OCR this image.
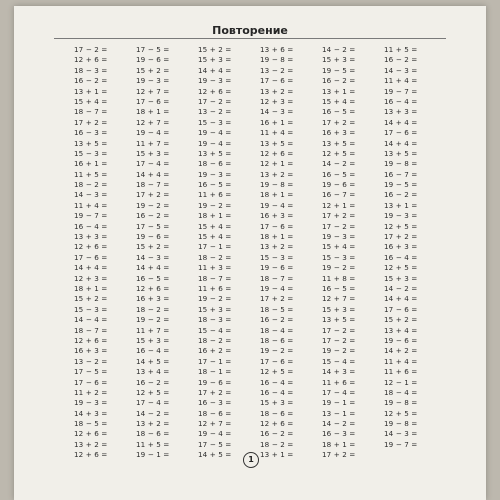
Повторение
17 − 2 =
12 + 6 =
18 − 3 =
16 − 2 =
13 + 1 =
15 + 4 =
18 − 7 =
17 + 2 =
16 − 3 =
13 + 5 =
15 − 3 =
16 + 1 =
11 + 5 =
18 − 2 =
14 − 3 =
11 + 4 =
19 − 7 =
16 − 4 =
13 + 3 =
12 + 6 =
17 − 6 =
14 + 4 =
12 + 3 =
18 + 1 =
15 + 2 =
15 − 3 =
14 − 4 =
18 − 7 =
12 + 6 =
16 + 3 =
13 − 2 =
17 − 5 =
17 − 6 =
11 + 2 =
19 − 3 =
14 + 3 =
18 − 5 =
12 + 6 =
13 + 2 =
12 + 6 =
17 − 5 =
19 − 6 =
15 + 2 =
19 − 3 =
12 + 7 =
17 − 6 =
18 + 1 =
12 + 7 =
19 − 4 =
11 + 7 =
15 + 3 =
17 − 4 =
14 + 4 =
18 − 7 =
17 + 2 =
19 − 2 =
16 − 2 =
17 − 5 =
19 − 6 =
15 + 2 =
14 − 3 =
14 + 4 =
16 − 5 =
12 + 6 =
16 + 3 =
18 − 2 =
19 − 2 =
11 + 7 =
15 + 3 =
16 − 4 =
14 + 5 =
13 + 4 =
16 − 2 =
12 + 5 =
17 − 4 =
14 − 2 =
13 + 2 =
18 − 6 =
11 + 5 =
19 − 1 =
15 + 2 =
15 + 3 =
14 + 4 =
19 − 3 =
12 + 6 =
17 − 2 =
13 − 2 =
15 − 3 =
19 − 4 =
19 − 4 =
13 + 5 =
18 − 6 =
19 − 3 =
16 − 5 =
11 + 6 =
19 − 2 =
18 + 1 =
15 + 4 =
15 + 4 =
17 − 1 =
18 − 2 =
11 + 3 =
18 − 7 =
11 + 6 =
19 − 2 =
15 + 3 =
18 − 3 =
15 − 4 =
18 − 2 =
16 + 2 =
17 − 1 =
18 − 1 =
19 − 6 =
17 + 2 =
16 − 3 =
18 − 6 =
12 + 7 =
19 − 4 =
17 − 5 =
14 + 5 =
13 + 6 =
19 − 8 =
13 − 2 =
17 − 6 =
13 + 2 =
12 + 3 =
14 − 3 =
16 + 1 =
11 + 4 =
13 + 5 =
12 + 6 =
12 + 1 =
13 + 2 =
19 − 8 =
18 + 1 =
19 − 4 =
16 + 3 =
17 − 6 =
18 + 1 =
13 + 2 =
15 − 3 =
19 − 6 =
18 − 7 =
19 − 4 =
17 + 2 =
18 − 5 =
16 − 2 =
18 − 4 =
18 − 6 =
19 − 2 =
17 − 6 =
12 + 5 =
16 − 4 =
16 − 4 =
15 + 3 =
18 − 6 =
12 + 6 =
16 − 2 =
18 − 2 =
13 + 1 =
14 − 2 =
15 + 3 =
19 − 5 =
16 − 2 =
13 + 1 =
15 + 4 =
16 − 5 =
17 + 2 =
16 + 3 =
13 + 5 =
12 + 5 =
14 − 2 =
16 − 5 =
19 − 6 =
16 − 7 =
12 + 1 =
17 + 2 =
17 − 2 =
19 − 3 =
15 + 4 =
15 − 3 =
19 − 2 =
11 + 8 =
16 − 5 =
12 + 7 =
15 + 3 =
13 + 5 =
17 − 2 =
17 − 2 =
19 − 2 =
15 − 4 =
14 + 3 =
11 + 6 =
17 − 4 =
19 − 1 =
13 − 1 =
14 − 2 =
16 − 3 =
18 + 1 =
17 + 2 =
11 + 5 =
16 − 2 =
14 − 3 =
11 + 4 =
19 − 7 =
16 − 4 =
13 + 3 =
14 + 4 =
17 − 6 =
14 + 4 =
13 + 5 =
19 − 8 =
16 − 7 =
19 − 5 =
16 − 2 =
13 + 1 =
19 − 3 =
12 + 5 =
17 + 2 =
16 + 3 =
16 − 4 =
12 + 5 =
15 + 3 =
14 − 2 =
14 + 4 =
17 − 6 =
15 + 2 =
13 + 4 =
19 − 6 =
14 + 2 =
11 + 4 =
11 + 6 =
12 − 1 =
18 − 4 =
19 − 8 =
12 + 5 =
19 − 8 =
14 − 3 =
19 − 7 =
1
